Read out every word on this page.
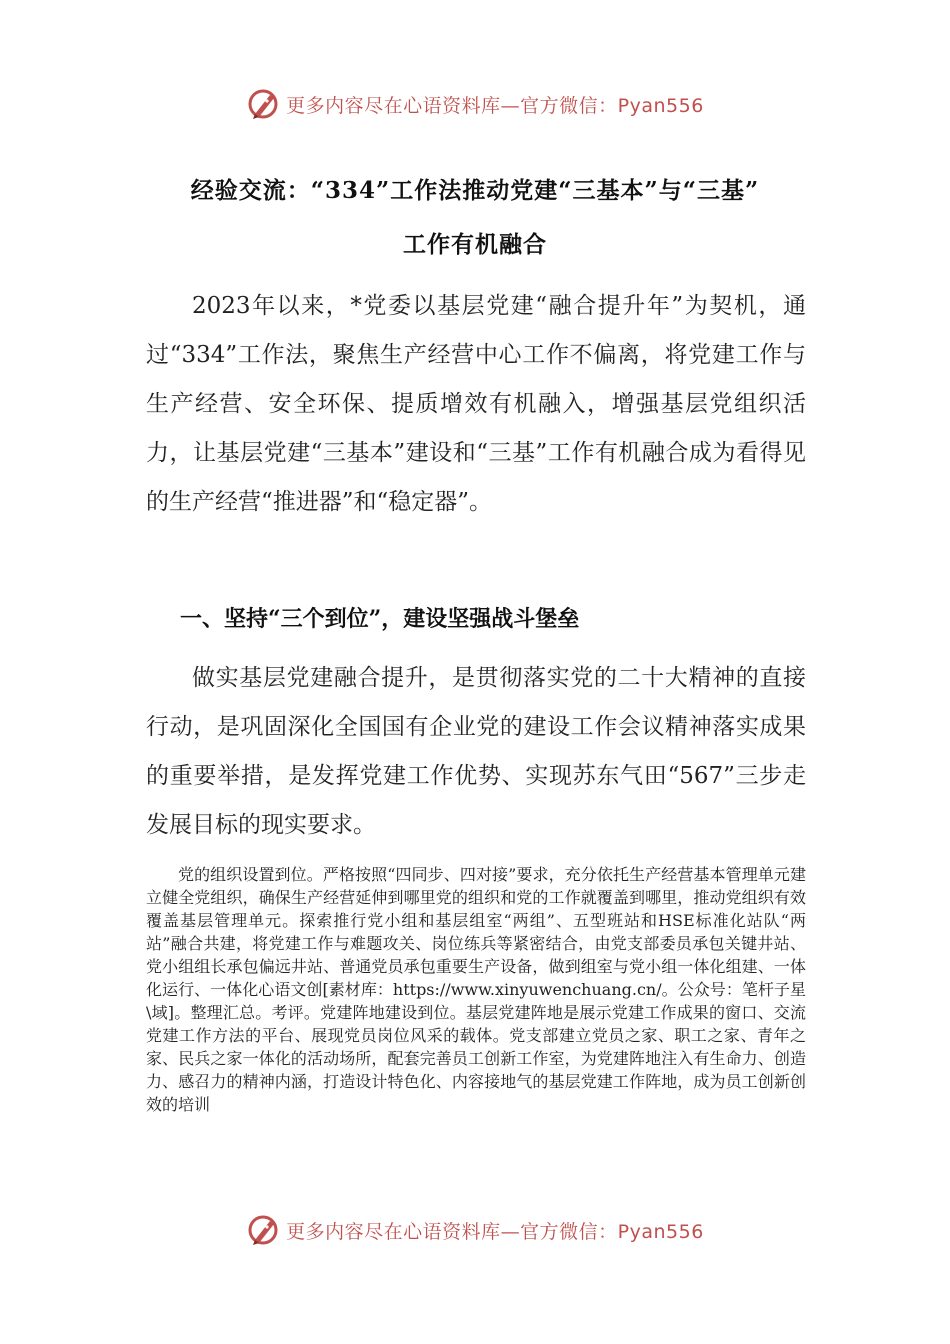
更多内容尽在心语资料库—官方微信：Pyan556
经验交流：“334”工作法推动党建“三基本”与“三基”
工作有机融合

2023年以来，*党委以基层党建“融合提升年”为契机，通过“334”工作法，聚焦生产经营中心工作不偏离，将党建工作与生产经营、安全环保、提质增效有机融入，增强基层党组织活力，让基层党建“三基本”建设和“三基”工作有机融合成为看得见的生产经营“推进器”和“稳定器”。

一、坚持“三个到位”，建设坚强战斗堡垒

做实基层党建融合提升，是贯彻落实党的二十大精神的直接行动，是巩固深化全国国有企业党的建设工作会议精神落实成果的重要举措，是发挥党建工作优势、实现苏东气田“567”三步走发展目标的现实要求。

党的组织设置到位。严格按照“四同步、四对接”要求，充分依托生产经营基本管理单元建立健全党组织，确保生产经营延伸到哪里党的组织和党的工作就覆盖到哪里，推动党组织有效覆盖基层管理单元。探索推行党小组和基层组室“两组”、五型班站和HSE标准化站队“两站”融合共建，将党建工作与难题攻关、岗位练兵等紧密结合，由党支部委员承包关键井站、党小组组长承包偏远井站、普通党员承包重要生产设备，做到组室与党小组一体化组建、一体化运行、一体化心语文创[素材库：https://www.xinyuwenchuang.cn/。公众号：笔杆子星\域]。整理汇总。考评。党建阵地建设到位。基层党建阵地是展示党建工作成果的窗口、交流党建工作方法的平台、展现党员岗位风采的载体。党支部建立党员之家、职工之家、青年之家、民兵之家一体化的活动场所，配套完善员工创新工作室，为党建阵地注入有生命力、创造力、感召力的精神内涵，打造设计特色化、内容接地气的基层党建工作阵地，成为员工创新创效的培训

更多内容尽在心语资料库—官方微信：Pyan556
